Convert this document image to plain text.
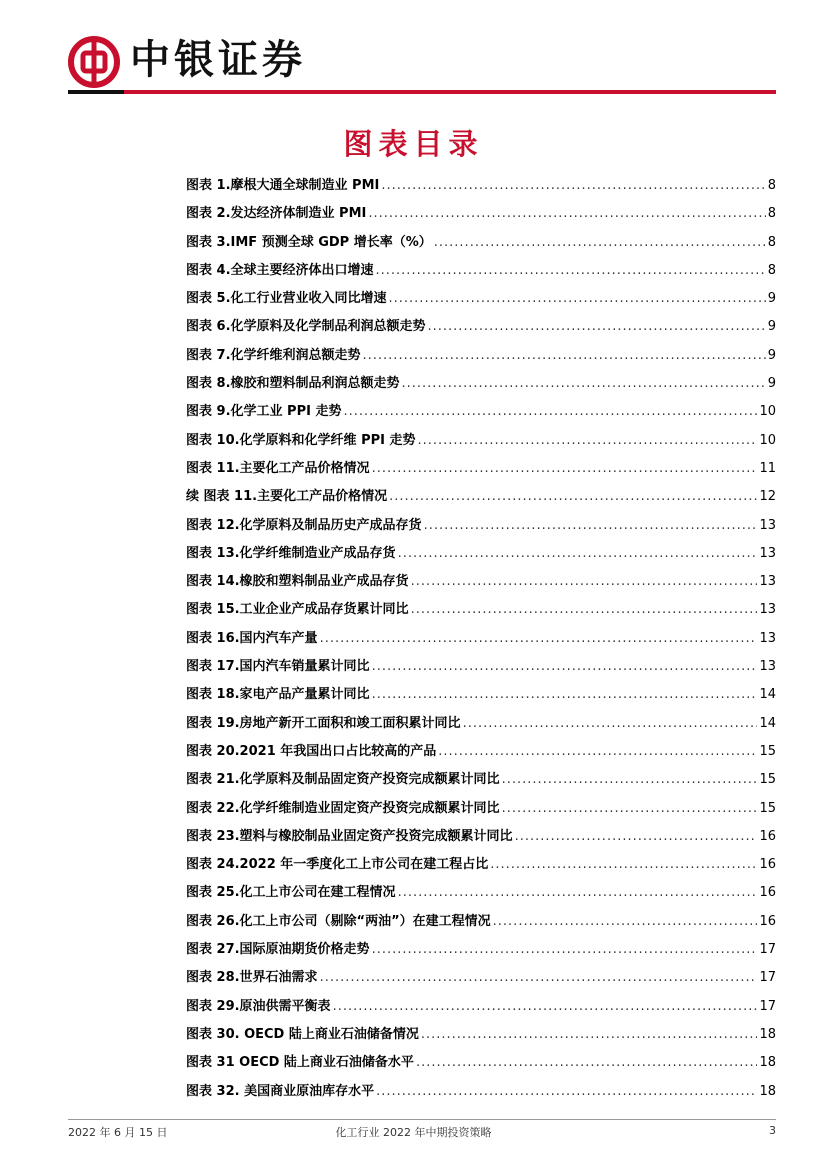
中银证券
图表目录
图表 1.摩根大通全球制造业 PMI .....	8
图表 2.发达经济体制造业 PMI .....	8
图表 3.IMF 预测全球 GDP 增长率（%） .....	8
图表 4.全球主要经济体出口增速 .....	8
图表 5.化工行业营业收入同比增速 .....	9
图表 6.化学原料及化学制品利润总额走势 .....	9
图表 7.化学纤维利润总额走势 .....	9
图表 8.橡胶和塑料制品利润总额走势 .....	9
图表 9.化学工业 PPI 走势 .....	10
图表 10.化学原料和化学纤维 PPI 走势 .....	10
图表 11.主要化工产品价格情况 .....	11
续 图表 11.主要化工产品价格情况 .....	12
图表 12.化学原料及制品历史产成品存货 .....	13
图表 13.化学纤维制造业产成品存货 .....	13
图表 14.橡胶和塑料制品业产成品存货 .....	13
图表 15.工业企业产成品存货累计同比 .....	13
图表 16.国内汽车产量 .....	13
图表 17.国内汽车销量累计同比 .....	13
图表 18.家电产品产量累计同比 .....	14
图表 19.房地产新开工面积和竣工面积累计同比 .....	14
图表 20.2021 年我国出口占比较高的产品 .....	15
图表 21.化学原料及制品固定资产投资完成额累计同比 .....	15
图表 22.化学纤维制造业固定资产投资完成额累计同比 .....	15
图表 23.塑料与橡胶制品业固定资产投资完成额累计同比 .....	16
图表 24.2022 年一季度化工上市公司在建工程占比 .....	16
图表 25.化工上市公司在建工程情况 .....	16
图表 26.化工上市公司（剔除“两油”）在建工程情况 .....	16
图表 27.国际原油期货价格走势 .....	17
图表 28.世界石油需求 .....	17
图表 29.原油供需平衡表 .....	17
图表 30. OECD 陆上商业石油储备情况 .....	18
图表 31 OECD 陆上商业石油储备水平 .....	18
图表 32. 美国商业原油库存水平 .....	18
2022 年 6 月 15 日	化工行业 2022 年中期投资策略	3
